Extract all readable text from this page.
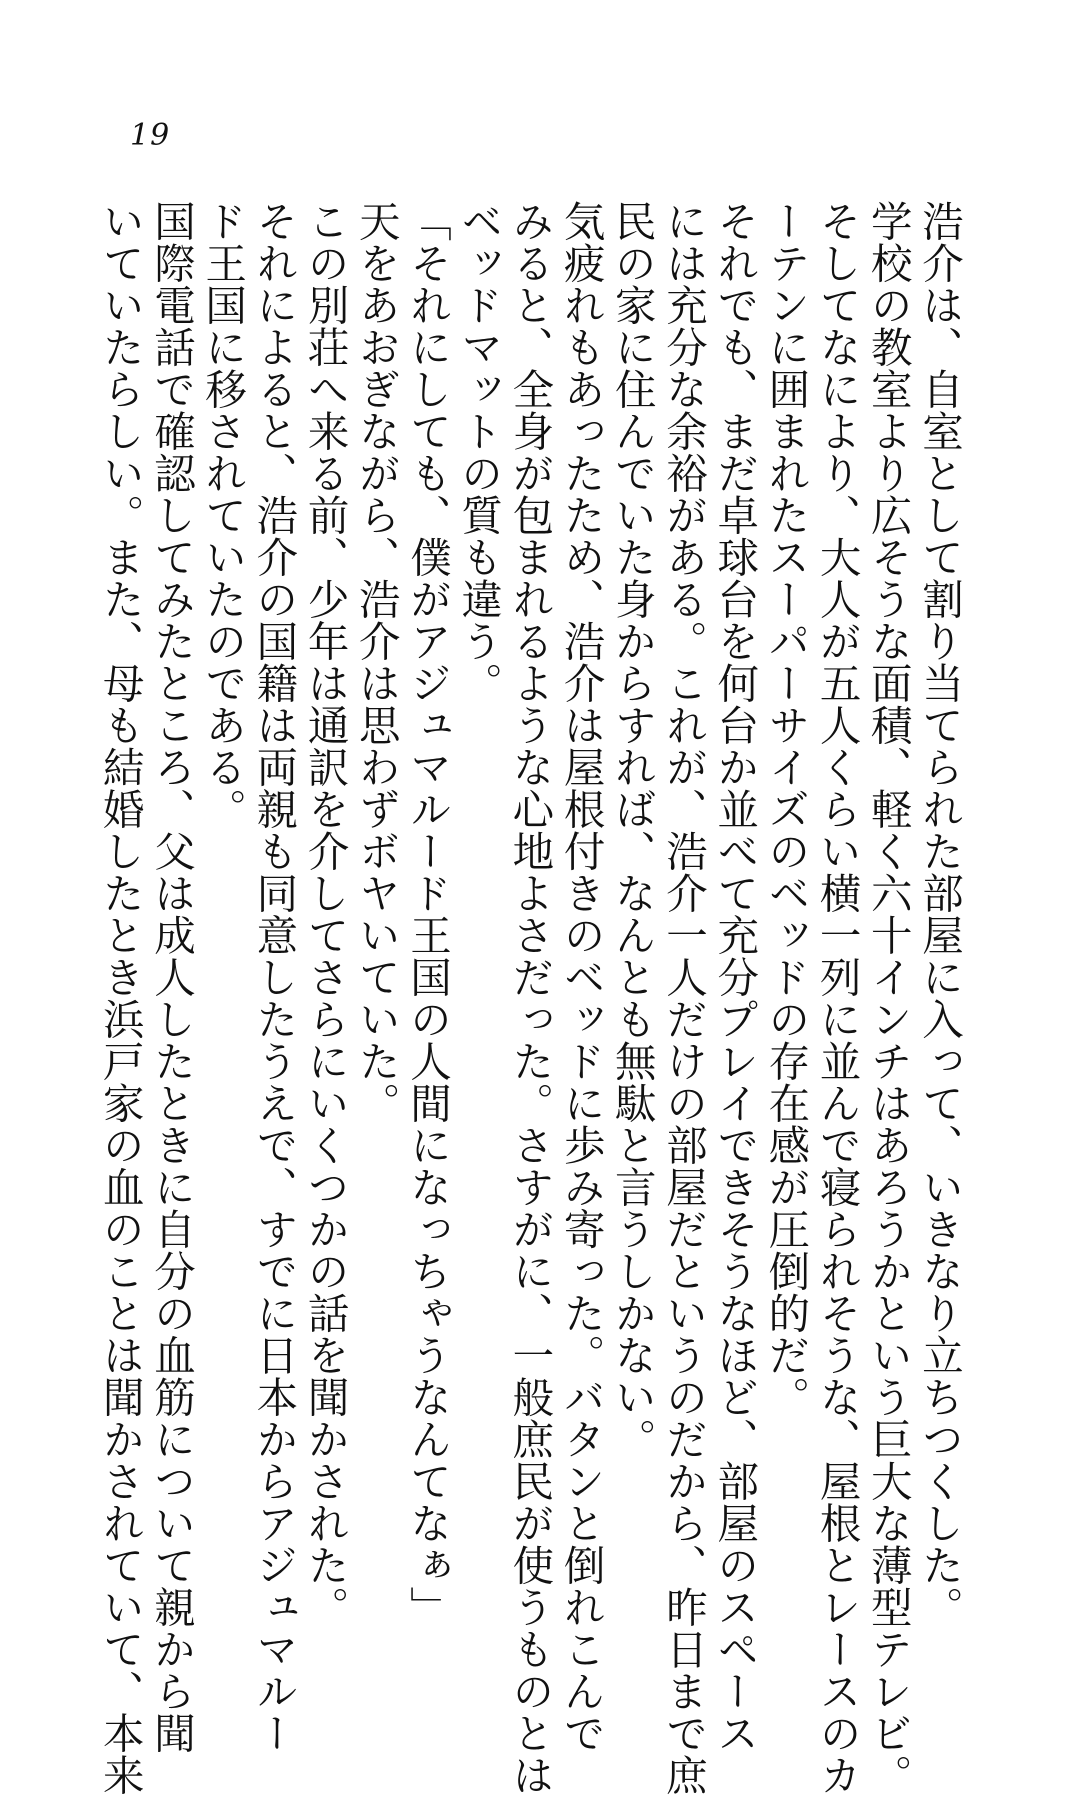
19
浩介は、自室として割り当てられた部屋に入って、いきなり立ちつくした。
学校の教室より広そうな面積、軽く六十インチはあろうかという巨大な薄型テレビ。
そしてなにより、大人が五人くらい横一列に並んで寝られそうな、屋根とレースのカ
ーテンに囲まれたスーパーサイズのベッドの存在感が圧倒的だ。
それでも、まだ卓球台を何台か並べて充分プレイできそうなほど、部屋のスペース
には充分な余裕がある。これが、浩介一人だけの部屋だというのだから、昨日まで庶
民の家に住んでいた身からすれば、なんとも無駄と言うしかない。
気疲れもあったため、浩介は屋根付きのベッドに歩み寄った。バタンと倒れこんで
みると、全身が包まれるような心地よさだった。さすがに、一般庶民が使うものとは
ベッドマットの質も違う。
「それにしても、僕がアジュマルード王国の人間になっちゃうなんてなぁ」
天をあおぎながら、浩介は思わずボヤいていた。
この別荘へ来る前、少年は通訳を介してさらにいくつかの話を聞かされた。
それによると、浩介の国籍は両親も同意したうえで、すでに日本からアジュマルー
ド王国に移されていたのである。
国際電話で確認してみたところ、父は成人したときに自分の血筋について親から聞
いていたらしい。また、母も結婚したとき浜戸家の血のことは聞かされていて、本来
